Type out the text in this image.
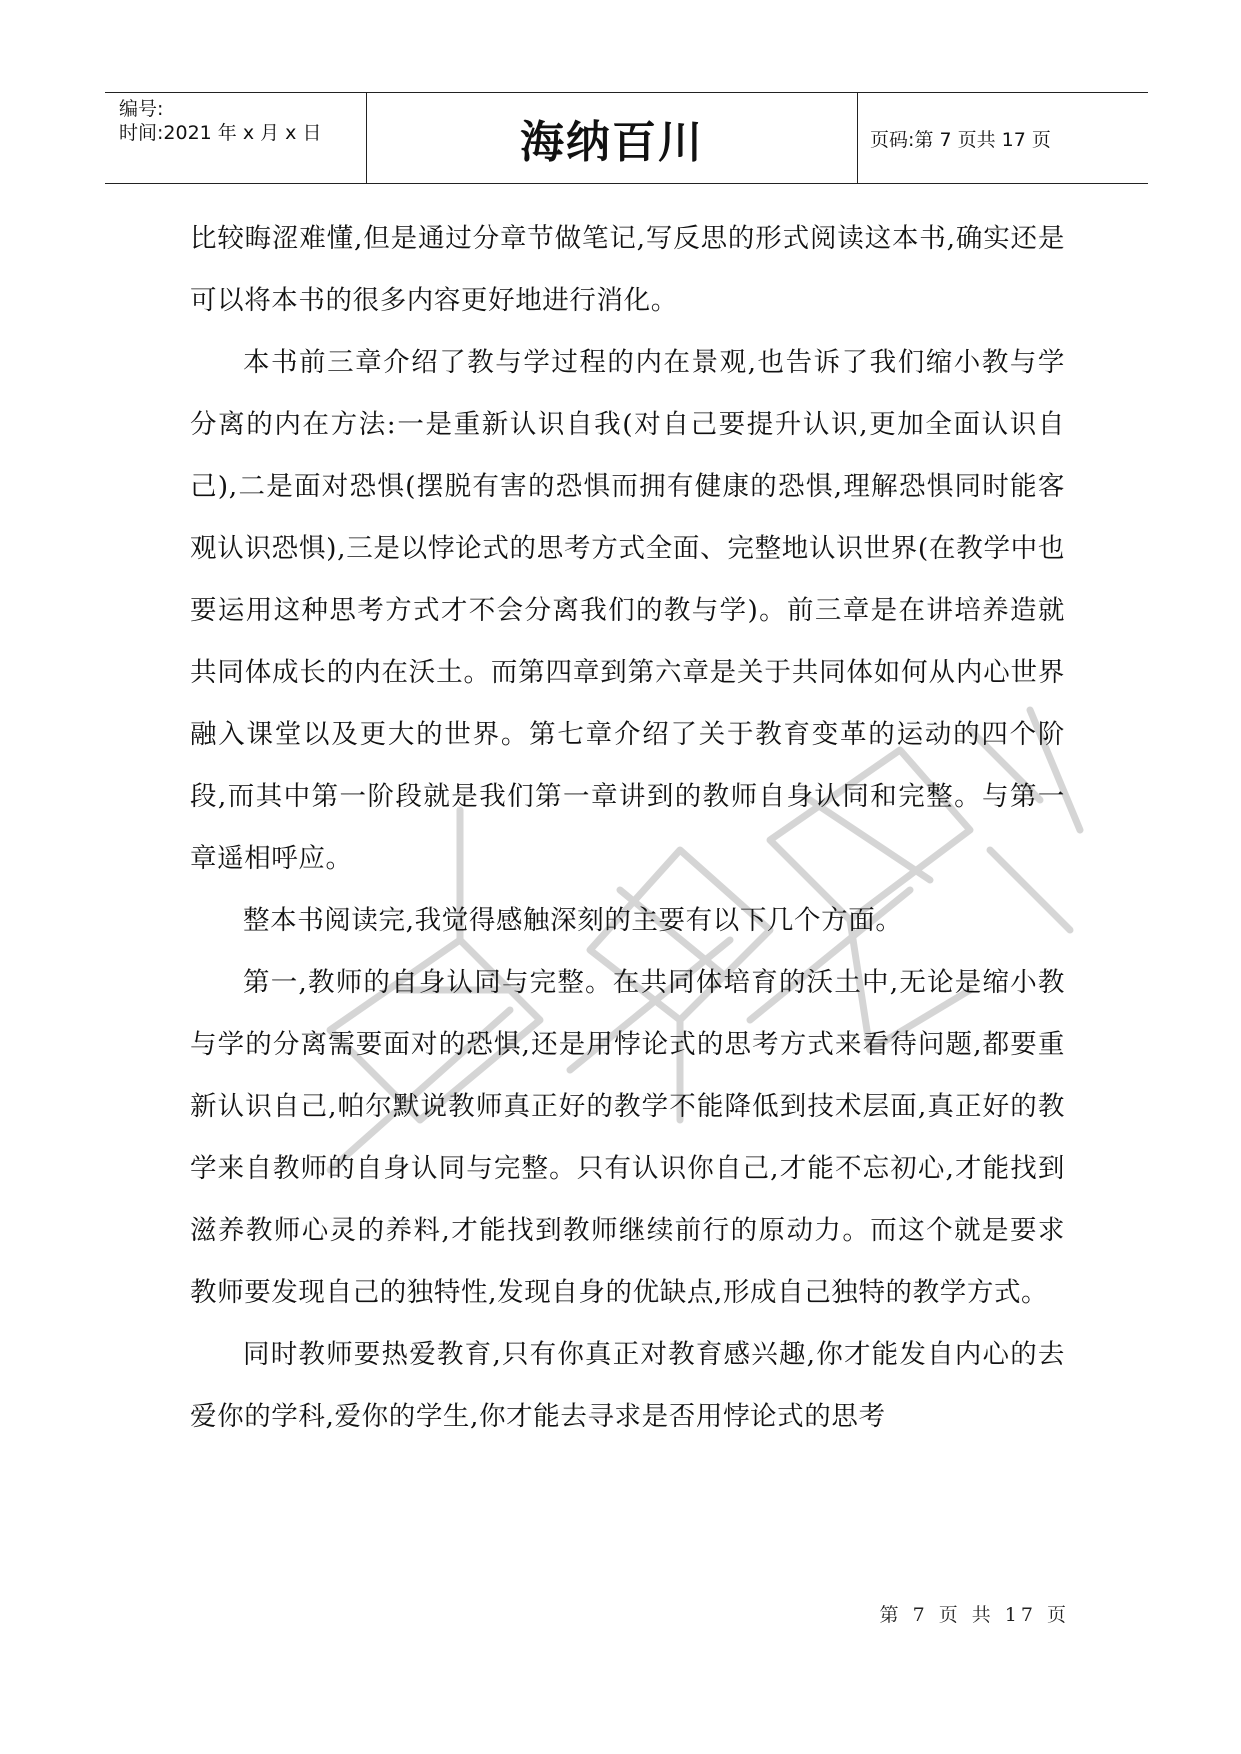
编号:
时间:2021 年 x 月 x 日	海纳百川	页码:第 7 页共 17 页

比较晦涩难懂,但是通过分章节做笔记,写反思的形式阅读这本书,确实还是可以将本书的很多内容更好地进行消化。

本书前三章介绍了教与学过程的内在景观,也告诉了我们缩小教与学分离的内在方法:一是重新认识自我(对自己要提升认识,更加全面认识自己),二是面对恐惧(摆脱有害的恐惧而拥有健康的恐惧,理解恐惧同时能客观认识恐惧),三是以悖论式的思考方式全面、完整地认识世界(在教学中也要运用这种思考方式才不会分离我们的教与学)。前三章是在讲培养造就共同体成长的内在沃土。而第四章到第六章是关于共同体如何从内心世界融入课堂以及更大的世界。第七章介绍了关于教育变革的运动的四个阶段,而其中第一阶段就是我们第一章讲到的教师自身认同和完整。与第一章遥相呼应。

整本书阅读完,我觉得感触深刻的主要有以下几个方面。

第一,教师的自身认同与完整。在共同体培育的沃土中,无论是缩小教与学的分离需要面对的恐惧,还是用悖论式的思考方式来看待问题,都要重新认识自己,帕尔默说教师真正好的教学不能降低到技术层面,真正好的教学来自教师的自身认同与完整。只有认识你自己,才能不忘初心,才能找到滋养教师心灵的养料,才能找到教师继续前行的原动力。而这个就是要求教师要发现自己的独特性,发现自身的优缺点,形成自己独特的教学方式。

同时教师要热爱教育,只有你真正对教育感兴趣,你才能发自内心的去爱你的学科,爱你的学生,你才能去寻求是否用悖论式的思考

第 7 页 共 17 页
